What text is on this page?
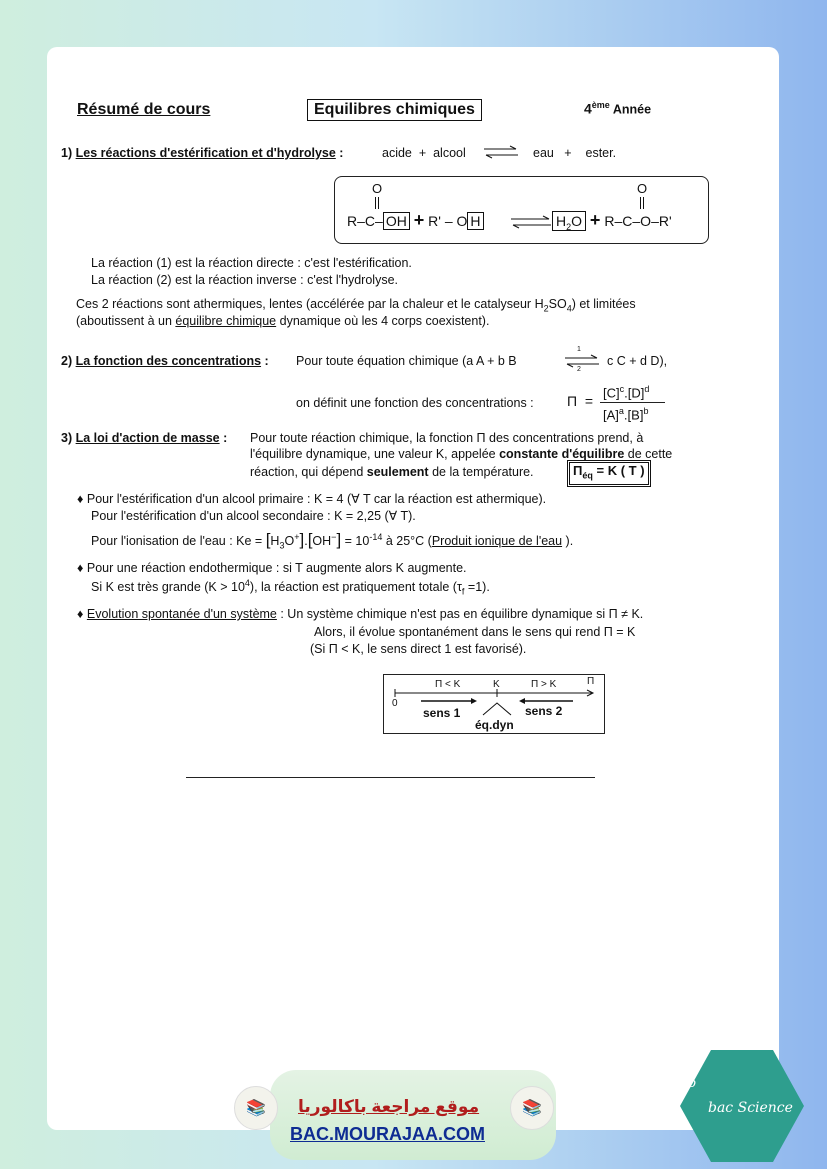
Résumé de cours	Equilibres chimiques	4ème Année
1) Les réactions d'estérification et d'hydrolyse :	acide + alcool ⇌ eau + ester.
O
R–C– OH + R' – O H	$H_2O + R-C-O-R'$
O
La réaction (1) est la réaction directe : c'est l'estérification.
La réaction (2) est la réaction inverse : c'est l'hydrolyse.
Ces 2 réactions sont athermiques, lentes (accélérée par la chaleur et le catalyseur $H_2SO_4$) et limitées
(aboutissent à un équilibre chimique dynamique où les 4 corps coexistent).
2) La fonction des concentrations : Pour toute équation chimique (a A + b B
1
2
c C + d D),
on définit une fonction des concentrations : Π =
$[C]^c.[D]^d$
$[A]^a.[B]^b$
3) La loi d'action de masse : Pour toute réaction chimique, la fonction Π des concentrations prend, à
l'équilibre dynamique, une valeur K, appelée constante d'équilibre de cette
réaction, qui dépend seulement de la température.	$\Pi_{éq} = K$ ( T )
♦ Pour l'estérification d'un alcool primaire : K = 4 (∀ T car la réaction est athermique).
Pour l'estérification d'un alcool secondaire : K = 2,25 (∀ T).
Pour l'ionisation de l'eau : $Ke = [H_3O^+].[OH^-] = 10^{-14}$ à 25°C (Produit ionique de l'eau ).
♦ Pour une réaction endothermique : si T augmente alors K augmente.
Si K est très grande $(K > 10^4)$, la réaction est pratiquement totale $(\tau_f =1)$.
♦ Evolution spontanée d'un système : Un système chimique n'est pas en équilibre dynamique si Π ≠ K.
Alors, il évolue spontanément dans le sens qui rend Π = K
(Si Π < K, le sens direct 1 est favorisé).
Π < K	K	Π > K	Π
0
sens 1	sens 2
éq.dyn
📚	📚
موقع مراجعة باكالوريا
BAC.MOURAJAA.COM
b
bac Science
